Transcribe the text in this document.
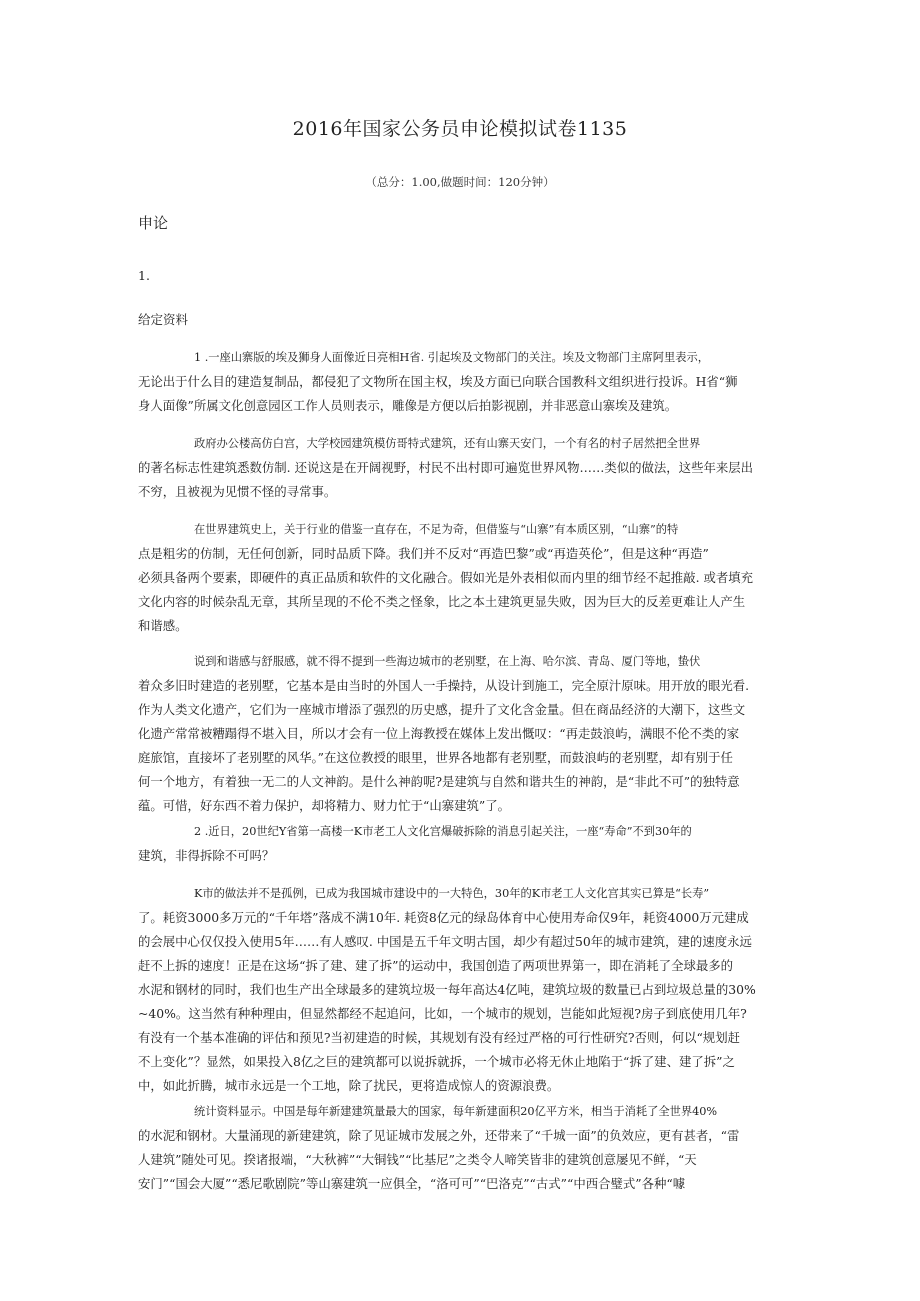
2016年国家公务员申论模拟试卷1135
（总分：1.00,做题时间：120分钟）
申论
1.
给定资料
1 .一座山寨版的埃及狮身人面像近日亮相H省. 引起埃及文物部门的关注。埃及文物部门主席阿里表示，
无论出于什么目的建造复制品，都侵犯了文物所在国主权，埃及方面已向联合国教科文组织进行投诉。H省“狮
身人面像”所属文化创意园区工作人员则表示，雕像是方便以后拍影视剧，并非恶意山寨埃及建筑。
政府办公楼高仿白宫，大学校园建筑模仿哥特式建筑，还有山寨天安门，一个有名的村子居然把全世界
的著名标志性建筑悉数仿制. 还说这是在开阔视野，村民不出村即可遍览世界风物……类似的做法，这些年来层出
不穷，且被视为见惯不怪的寻常事。
在世界建筑史上，关于行业的借鉴一直存在，不足为奇，但借鉴与“山寨”有本质区别，“山寨”的特
点是粗劣的仿制，无任何创新，同时品质下降。我们并不反对“再造巴黎”或“再造英伦”，但是这种“再造”
必须具备两个要素，即硬件的真正品质和软件的文化融合。假如光是外表相似而内里的细节经不起推敲. 或者填充
文化内容的时候杂乱无章，其所呈现的不伦不类之怪象，比之本土建筑更显失败，因为巨大的反差更难让人产生
和谐感。
说到和谐感与舒服感，就不得不提到一些海边城市的老别墅，在上海、哈尔滨、青岛、厦门等地，蛰伏
着众多旧时建造的老别墅，它基本是由当时的外国人一手操持，从设计到施工，完全原汁原味。用开放的眼光看.
作为人类文化遗产，它们为一座城市增添了强烈的历史感，提升了文化含金量。但在商品经济的大潮下，这些文
化遗产常常被糟蹋得不堪入目，所以才会有一位上海教授在媒体上发出慨叹：“再走鼓浪屿，满眼不伦不类的家
庭旅馆，直接坏了老别墅的风华。”在这位教授的眼里，世界各地都有老别墅，而鼓浪屿的老别墅，却有别于任
何一个地方，有着独一无二的人文神韵。是什么神韵呢?是建筑与自然和谐共生的神韵，是“非此不可”的独特意
蕴。可惜，好东西不着力保护，却将精力、财力忙于“山寨建筑”了。
2 .近日，20世纪Y省第一高楼一K市老工人文化宫爆破拆除的消息引起关注，一座“寿命”不到30年的
建筑，非得拆除不可吗？
K市的做法并不是孤例，已成为我国城市建设中的一大特色，30年的K市老工人文化宫其实已算是“长寿”
了。耗资3000多万元的“千年塔”落成不满10年. 耗资8亿元的绿岛体育中心使用寿命仅9年，耗资4000万元建成
的会展中心仅仅投入使用5年……有人感叹. 中国是五千年文明古国，却少有超过50年的城市建筑，建的速度永远
赶不上拆的速度！正是在这场“拆了建、建了拆”的运动中，我国创造了两项世界第一，即在消耗了全球最多的
水泥和钢材的同时，我们也生产出全球最多的建筑垃圾一每年高达4亿吨，建筑垃圾的数量已占到垃圾总量的30%
~40%。这当然有种种理由，但显然都经不起追问，比如，一个城市的规划，岂能如此短视?房子到底使用几年?
有没有一个基本准确的评估和预见?当初建造的时候，其规划有没有经过严格的可行性研究?否则，何以“规划赶
不上变化”？显然，如果投入8亿之巨的建筑都可以说拆就拆，一个城市必将无休止地陷于“拆了建、建了拆”之
中，如此折腾，城市永远是一个工地，除了扰民，更将造成惊人的资源浪费。
统计资料显示。中国是每年新建建筑量最大的国家，每年新建面积20亿平方米，相当于消耗了全世界40%
的水泥和钢材。大量涌现的新建建筑，除了见证城市发展之外，还带来了“千城一面”的负效应，更有甚者，“雷
人建筑”随处可见。揆诸报端，“大秋裤”“大铜钱”“比基尼”之类令人啼笑皆非的建筑创意屡见不鲜，“天
安门”“国会大厦”“悉尼歌剧院”等山寨建筑一应俱全，“洛可可”“巴洛克”“古式”“中西合璧式”各种“噱
